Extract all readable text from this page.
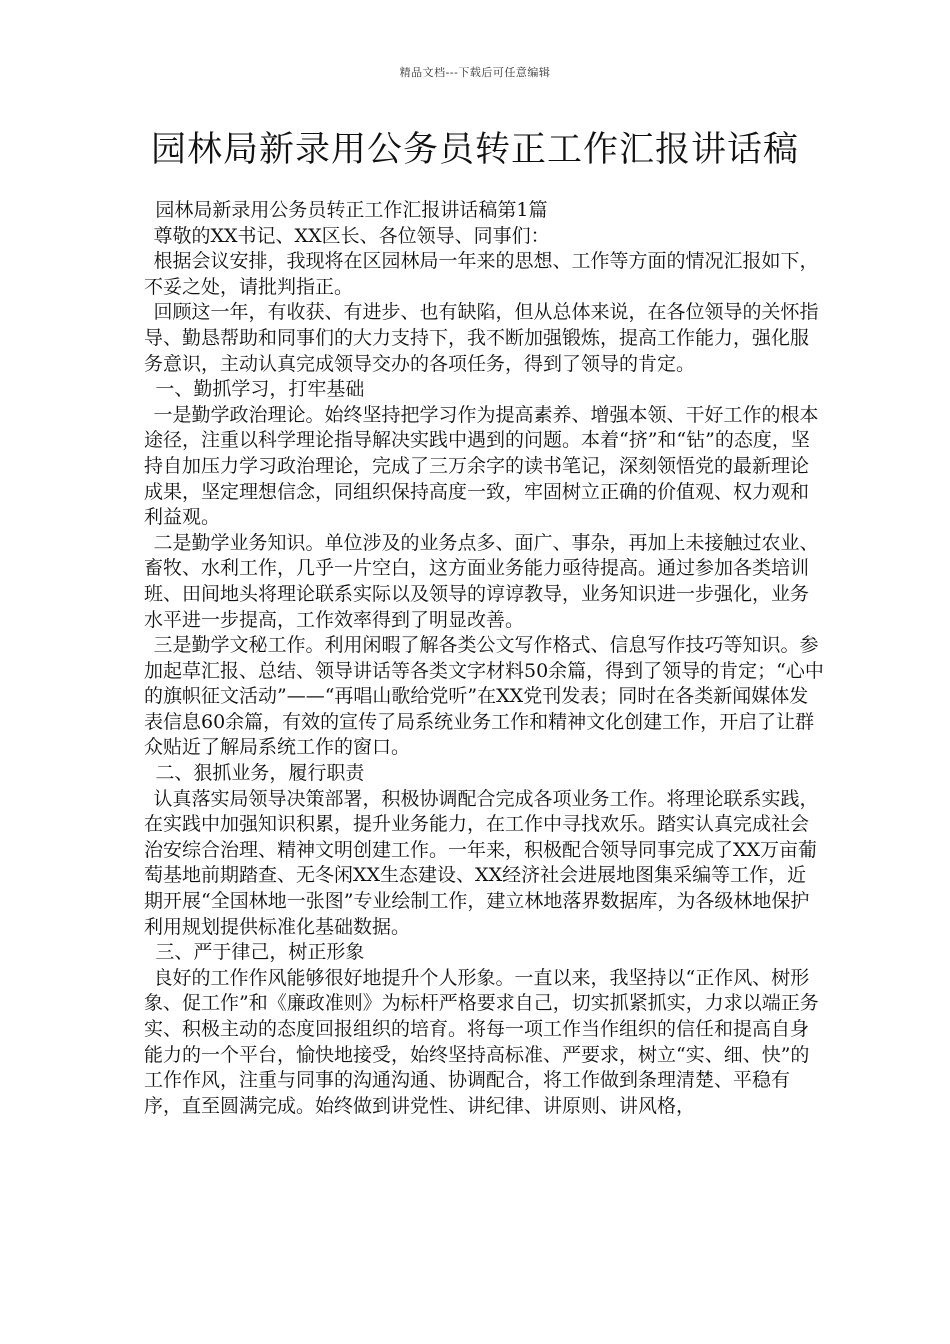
精品文档---下载后可任意编辑
园林局新录用公务员转正工作汇报讲话稿

园林局新录用公务员转正工作汇报讲话稿第1篇

尊敬的XX书记、XX区长、各位领导、同事们：

根据会议安排，我现将在区园林局一年来的思想、工作等方面的情况汇报如下，不妥之处，请批判指正。

回顾这一年，有收获、有进步、也有缺陷，但从总体来说，在各位领导的关怀指导、勤恳帮助和同事们的大力支持下，我不断加强锻炼，提高工作能力，强化服务意识，主动认真完成领导交办的各项任务，得到了领导的肯定。

一、勤抓学习，打牢基础

一是勤学政治理论。始终坚持把学习作为提高素养、增强本领、干好工作的根本途径，注重以科学理论指导解决实践中遇到的问题。本着“挤”和“钻”的态度，坚持自加压力学习政治理论，完成了三万余字的读书笔记，深刻领悟党的最新理论成果，坚定理想信念，同组织保持高度一致，牢固树立正确的价值观、权力观和利益观。

二是勤学业务知识。单位涉及的业务点多、面广、事杂，再加上未接触过农业、畜牧、水利工作，几乎一片空白，这方面业务能力亟待提高。通过参加各类培训班、田间地头将理论联系实际以及领导的谆谆教导，业务知识进一步强化，业务水平进一步提高，工作效率得到了明显改善。

三是勤学文秘工作。利用闲暇了解各类公文写作格式、信息写作技巧等知识。参加起草汇报、总结、领导讲话等各类文字材料50余篇，得到了领导的肯定；“心中的旗帜征文活动”——“再唱山歌给党听”在XX党刊发表；同时在各类新闻媒体发表信息60余篇，有效的宣传了局系统业务工作和精神文化创建工作，开启了让群众贴近了解局系统工作的窗口。

二、狠抓业务，履行职责

认真落实局领导决策部署，积极协调配合完成各项业务工作。将理论联系实践，在实践中加强知识积累，提升业务能力，在工作中寻找欢乐。踏实认真完成社会治安综合治理、精神文明创建工作。一年来，积极配合领导同事完成了XX万亩葡萄基地前期踏查、无冬闲XX生态建设、XX经济社会进展地图集采编等工作，近期开展“全国林地一张图”专业绘制工作，建立林地落界数据库，为各级林地保护利用规划提供标准化基础数据。

三、严于律己，树正形象

良好的工作作风能够很好地提升个人形象。一直以来，我坚持以“正作风、树形象、促工作”和《廉政准则》为标杆严格要求自己，切实抓紧抓实，力求以端正务实、积极主动的态度回报组织的培育。将每一项工作当作组织的信任和提高自身能力的一个平台，愉快地接受，始终坚持高标准、严要求，树立“实、细、快”的工作作风，注重与同事的沟通沟通、协调配合，将工作做到条理清楚、平稳有序，直至圆满完成。始终做到讲党性、讲纪律、讲原则、讲风格，
